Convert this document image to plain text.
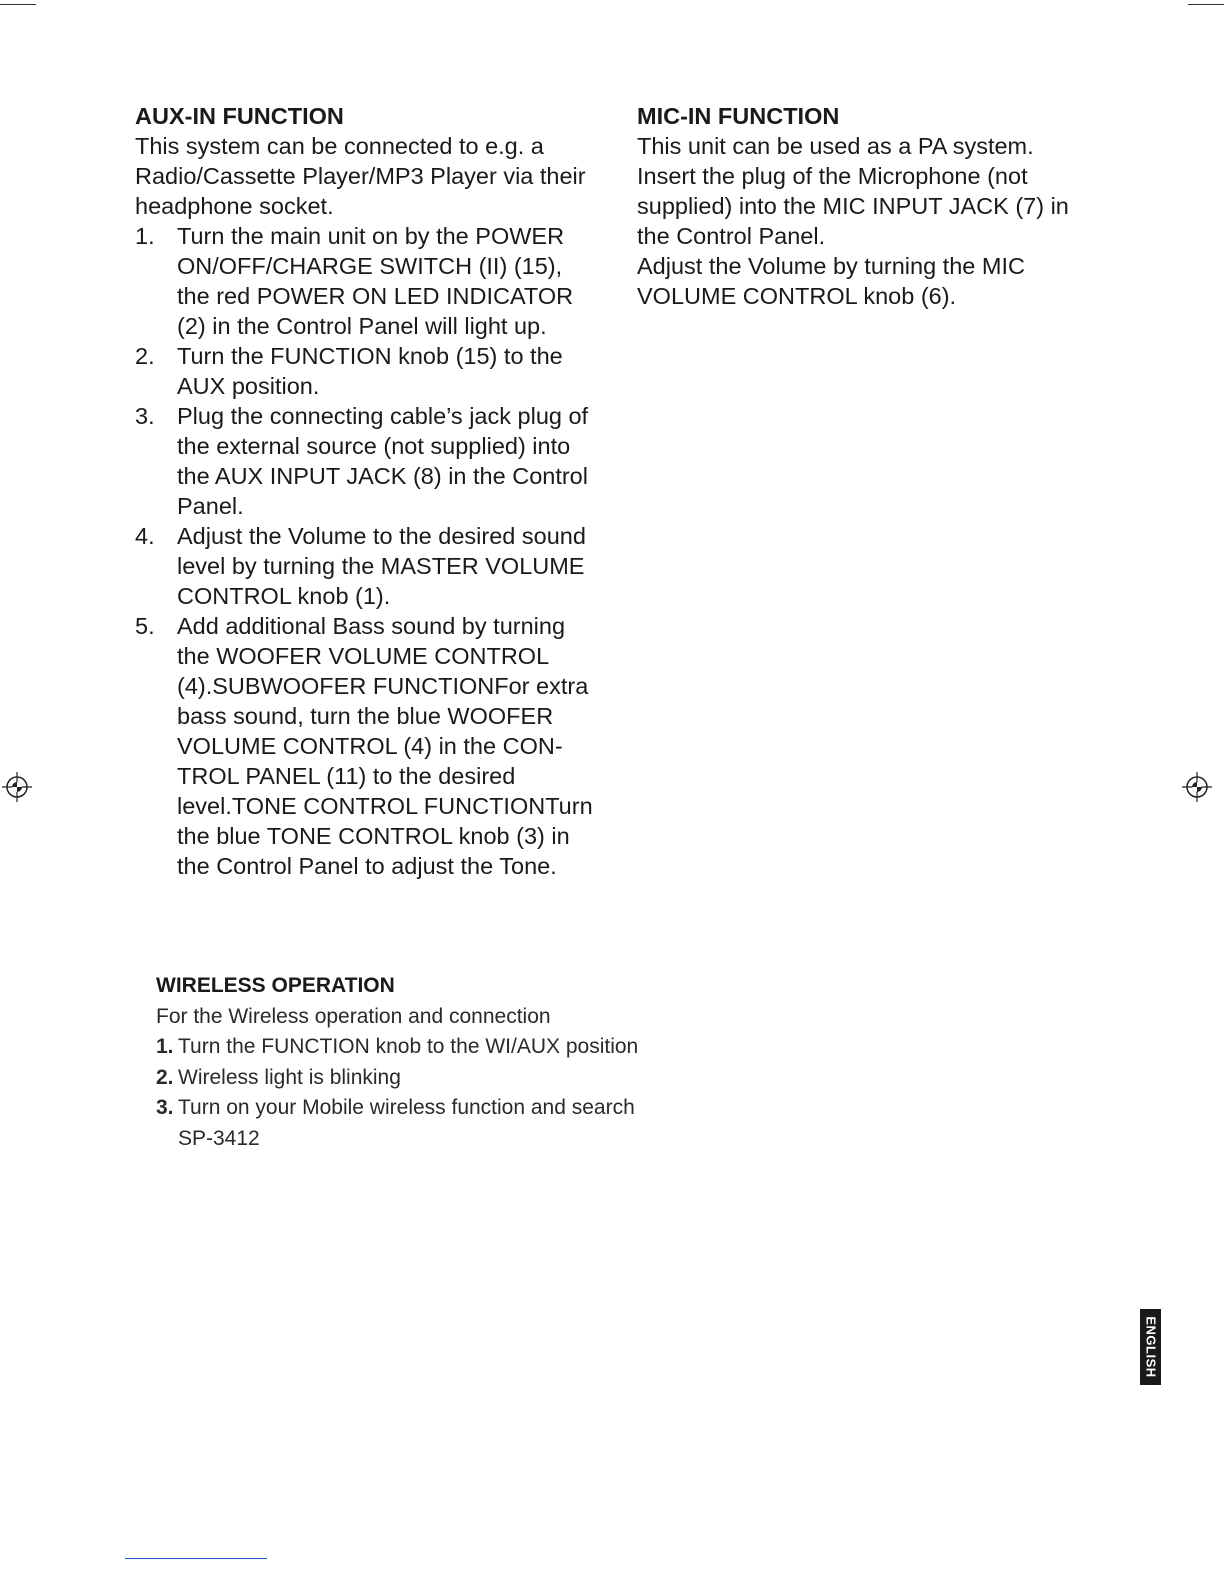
AUX-IN FUNCTION

This system can be connected to e.g. a
Radio/Cassette Player/MP3 Player via their
headphone socket.

1. Turn the main unit on by the POWER
ON/OFF/CHARGE SWITCH (II) (15),
the red POWER ON LED INDICATOR
(2) in the Control Panel will light up.
2. Turn the FUNCTION knob (15) to the
AUX position.
3. Plug the connecting cable’s jack plug of
the external source (not supplied) into
the AUX INPUT JACK (8) in the Control
Panel.
4. Adjust the Volume to the desired sound
level by turning the MASTER VOLUME
CONTROL knob (1).
5. Add additional Bass sound by turning
the WOOFER VOLUME CONTROL
(4).SUBWOOFER FUNCTIONFor extra
bass sound, turn the blue WOOFER
VOLUME CONTROL (4) in the CON-
TROL PANEL (11) to the desired
level.TONE CONTROL FUNCTIONTurn
the blue TONE CONTROL knob (3) in
the Control Panel to adjust the Tone.
MIC-IN FUNCTION

This unit can be used as a PA system.
Insert the plug of the Microphone (not
supplied) into the MIC INPUT JACK (7) in
the Control Panel.
Adjust the Volume by turning the MIC
VOLUME CONTROL knob (6).

WIRELESS OPERATION

For the Wireless operation and connection

1. Turn the FUNCTION knob to the WI/AUX position
2. Wireless light is blinking
3. Turn on your Mobile wireless function and search
SP-3412
ENGLISH
